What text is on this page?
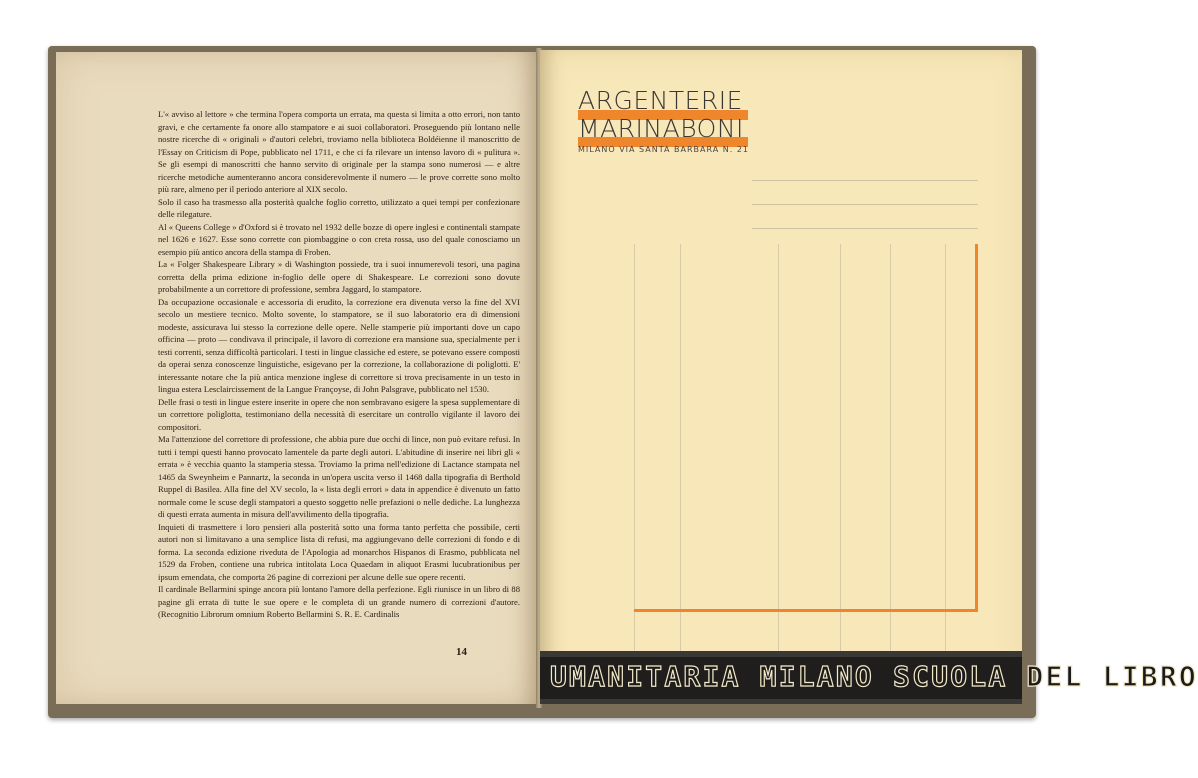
L'« avviso al lettore » che termina l'opera comporta un errata, ma questa si limita a otto errori, non tanto gravi, e che certamente fa onore allo stampatore e ai suoi collaboratori. Proseguendo più lontano nelle nostre ricerche di « originali » d'autori celebri, troviamo nella biblioteca Boldéienne il manoscritto de l'Essay on Criticism di Pope, pubblicato nel 1711, e che ci fa rilevare un intenso lavoro di « pulitura ». Se gli esempi di manoscritti che hanno servito di originale per la stampa sono numerosi — e altre ricerche metodiche aumenteranno ancora considerevolmente il numero — le prove corrette sono molto più rare, almeno per il periodo anteriore al XIX secolo.

Solo il caso ha trasmesso alla posterità qualche foglio corretto, utilizzato a quei tempi per confezionare delle rilegature.

Al « Queens College » d'Oxford si è trovato nel 1932 delle bozze di opere inglesi e continentali stampate nel 1626 e 1627. Esse sono corrette con piombaggine o con creta rossa, uso del quale conosciamo un esempio più antico ancora della stampa di Froben.

La « Folger Shakespeare Library » di Washington possiede, tra i suoi innumerevoli tesori, una pagina corretta della prima edizione in-foglio delle opere di Shakespeare. Le correzioni sono dovute probabilmente a un correttore di professione, sembra Jaggard, lo stampatore.

Da occupazione occasionale e accessoria di erudito, la correzione era divenuta verso la fine del XVI secolo un mestiere tecnico. Molto sovente, lo stampatore, se il suo laboratorio era di dimensioni modeste, assicurava lui stesso la correzione delle opere. Nelle stamperie più importanti dove un capo officina — proto — condivava il principale, il lavoro di correzione era mansione sua, specialmente per i testi correnti, senza difficoltà particolari. I testi in lingue classiche ed estere, se potevano essere composti da operai senza conoscenze linguistiche, esigevano per la correzione, la collaborazione di poliglotti. E' interessante notare che la più antica menzione inglese di correttore si trova precisamente in un testo in lingua estera Lesclaircissement de la Langue Françoyse, di John Palsgrave, pubblicato nel 1530.

Delle frasi o testi in lingue estere inserite in opere che non sembravano esigere la spesa supplementare di un correttore poliglotta, testimoniano della necessità di esercitare un controllo vigilante il lavoro dei compositori.

Ma l'attenzione del correttore di professione, che abbia pure due occhi di lince, non può evitare refusi. In tutti i tempi questi hanno provocato lamentele da parte degli autori. L'abitudine di inserire nei libri gli « errata » è vecchia quanto la stamperia stessa. Troviamo la prima nell'edizione di Lactance stampata nel 1465 da Sweynheim e Pannartz, la seconda in un'opera uscita verso il 1468 dalla tipografia di Berthold Ruppel di Basilea. Alla fine del XV secolo, la « lista degli errori » data in appendice è divenuto un fatto normale come le scuse degli stampatori a questo soggetto nelle prefazioni o nelle dediche. La lunghezza di questi errata aumenta in misura dell'avvilimento della tipografia.

Inquieti di trasmettere i loro pensieri alla posterità sotto una forma tanto perfetta che possibile, certi autori non si limitavano a una semplice lista di refusi, ma aggiungevano delle correzioni di fondo e di forma. La seconda edizione riveduta de l'Apologia ad monarchos Hispanos di Erasmo, pubblicata nel 1529 da Froben, contiene una rubrica intitolata Loca Quaedam in aliquot Erasmi lucubrationibus per ipsum emendata, che comporta 26 pagine di correzioni per alcune delle sue opere recenti.

Il cardinale Bellarmini spinge ancora più lontano l'amore della perfezione. Egli riunisce in un libro di 88 pagine gli errata di tutte le sue opere e le completa di un grande numero di correzioni d'autore. (Recognitio Librorum omnium Roberto Bellarmini S. R. E. Cardinalis

14
ARGENTERIE
MARINABONI
MILANO VIA SANTA BARBARA N. 21
UMANITARIA MILANO SCUOLA DEL LIBRO
